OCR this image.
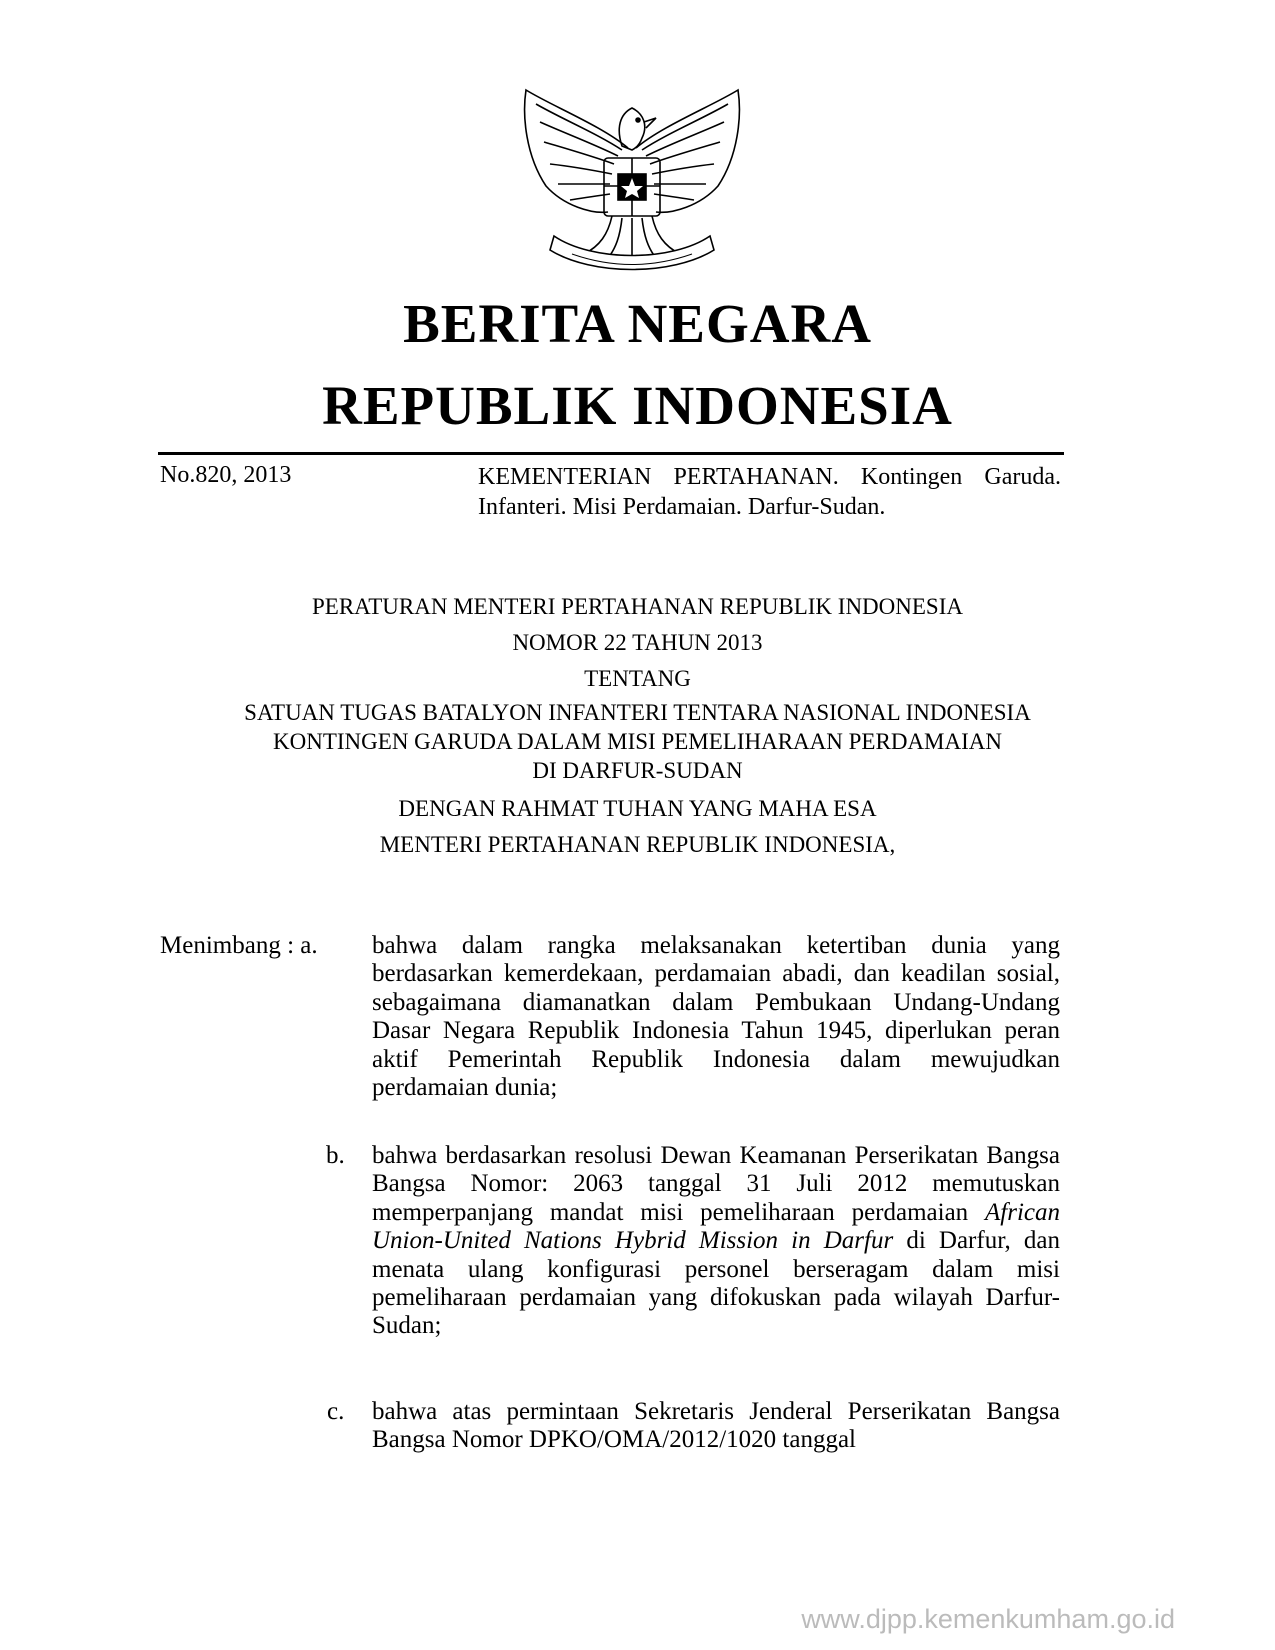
BERITA NEGARA
REPUBLIK INDONESIA
No.820, 2013	KEMENTERIAN PERTAHANAN. Kontingen Garuda. Infanteri. Misi Perdamaian. Darfur-Sudan.
PERATURAN MENTERI PERTAHANAN REPUBLIK INDONESIA
NOMOR 22 TAHUN 2013
TENTANG
SATUAN TUGAS BATALYON INFANTERI TENTARA NASIONAL INDONESIA
KONTINGEN GARUDA DALAM MISI PEMELIHARAAN PERDAMAIAN
DI DARFUR-SUDAN
DENGAN RAHMAT TUHAN YANG MAHA ESA
MENTERI PERTAHANAN REPUBLIK INDONESIA,
Menimbang : a. bahwa dalam rangka melaksanakan ketertiban dunia yang berdasarkan kemerdekaan, perdamaian abadi, dan keadilan sosial, sebagaimana diamanatkan dalam Pembukaan Undang-Undang Dasar Negara Republik Indonesia Tahun 1945, diperlukan peran aktif Pemerintah Republik Indonesia dalam mewujudkan perdamaian dunia;
b. bahwa berdasarkan resolusi Dewan Keamanan Perserikatan Bangsa Bangsa Nomor: 2063 tanggal 31 Juli 2012 memutuskan memperpanjang mandat misi pemeliharaan perdamaian African Union-United Nations Hybrid Mission in Darfur di Darfur, dan menata ulang konfigurasi personel berseragam dalam misi pemeliharaan perdamaian yang difokuskan pada wilayah Darfur-Sudan;
c. bahwa atas permintaan Sekretaris Jenderal Perserikatan Bangsa Bangsa Nomor DPKO/OMA/2012/1020 tanggal
www.djpp.kemenkumham.go.id
